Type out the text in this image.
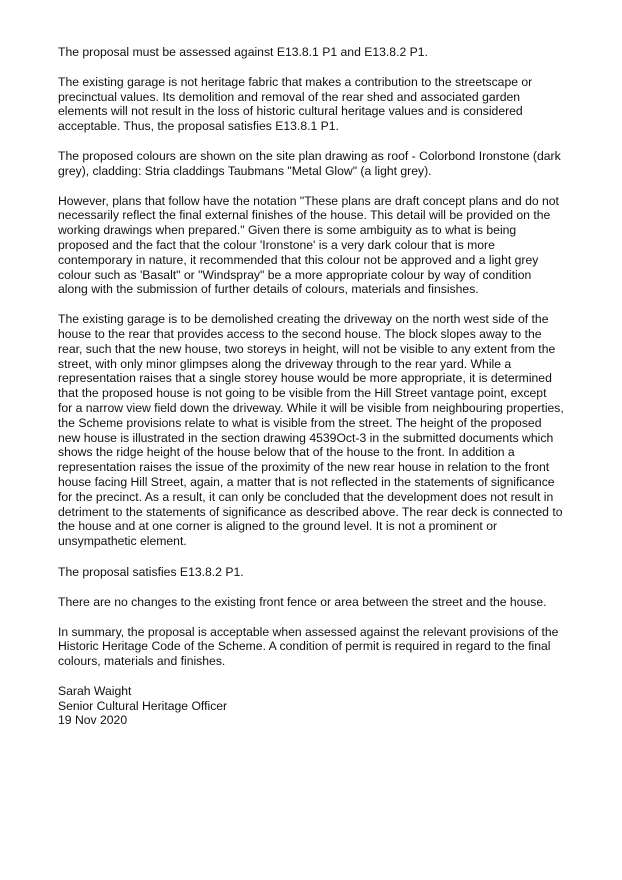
The proposal must be assessed against E13.8.1 P1 and E13.8.2 P1.

The existing garage is not heritage fabric that makes a contribution to the streetscape or precinctual values. Its demolition and removal of the rear shed and associated garden elements will not result in the loss of historic cultural heritage values and is considered acceptable. Thus, the proposal satisfies E13.8.1 P1.

The proposed colours are shown on the site plan drawing as roof - Colorbond Ironstone (dark grey), cladding: Stria claddings Taubmans "Metal Glow" (a light grey).

However, plans that follow have the notation "These plans are draft concept plans and do not necessarily reflect the final external finishes of the house. This detail will be provided on the working drawings when prepared." Given there is some ambiguity as to what is being proposed and the fact that the colour 'Ironstone' is a very dark colour that is more contemporary in nature, it recommended that this colour not be approved and a light grey colour such as 'Basalt" or "Windspray" be a more appropriate colour by way of condition along with the submission of further details of colours, materials and finsishes.

The existing garage is to be demolished creating the driveway on the north west side of the house to the rear that provides access to the second house. The block slopes away to the rear, such that the new house, two storeys in height, will not be visible to any extent from the street, with only minor glimpses along the driveway through to the rear yard. While a representation raises that a single storey house would be more appropriate, it is determined that the proposed house is not going to be visible from the Hill Street vantage point, except for a narrow view field down the driveway. While it will be visible from neighbouring properties, the Scheme provisions relate to what is visible from the street. The height of the proposed new house is illustrated in the section drawing 4539Oct-3 in the submitted documents which shows the ridge height of the house below that of the house to the front. In addition a representation raises the issue of the proximity of the new rear house in relation to the front house facing Hill Street, again, a matter that is not reflected in the statements of significance for the precinct. As a result, it can only be concluded that the development does not result in detriment to the statements of significance as described above. The rear deck is connected to the house and at one corner is aligned to the ground level. It is not a prominent or unsympathetic element.

The proposal satisfies E13.8.2 P1.

There are no changes to the existing front fence or area between the street and the house.

In summary, the proposal is acceptable when assessed against the relevant provisions of the Historic Heritage Code of the Scheme. A condition of permit is required in regard to the final colours, materials and finishes.

Sarah Waight
Senior Cultural Heritage Officer
19 Nov 2020
